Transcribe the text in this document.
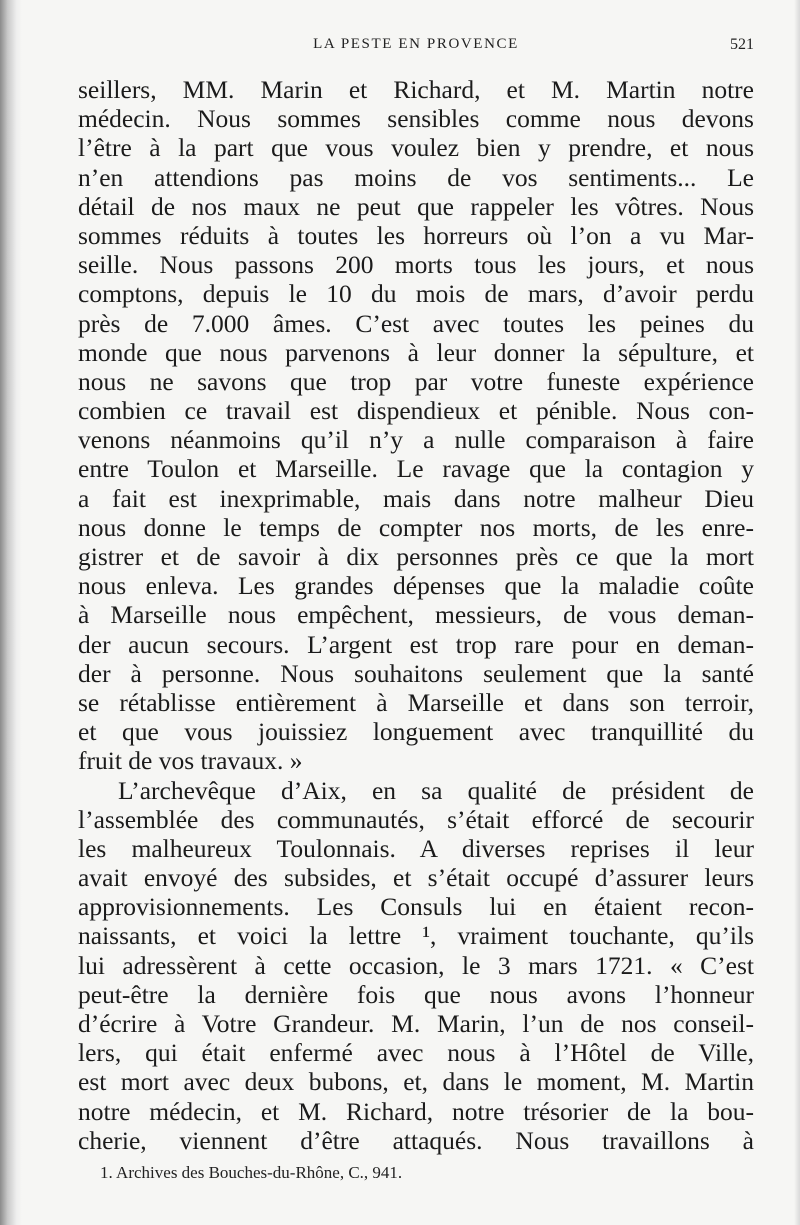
LA PESTE EN PROVENCE	521
seillers, MM. Marin et Richard, et M. Martin notre
médecin. Nous sommes sensibles comme nous devons
l’être à la part que vous voulez bien y prendre, et nous
n’en attendions pas moins de vos sentiments... Le
détail de nos maux ne peut que rappeler les vôtres. Nous
sommes réduits à toutes les horreurs où l’on a vu Mar-
seille. Nous passons 200 morts tous les jours, et nous
comptons, depuis le 10 du mois de mars, d’avoir perdu
près de 7.000 âmes. C’est avec toutes les peines du
monde que nous parvenons à leur donner la sépulture, et
nous ne savons que trop par votre funeste expérience
combien ce travail est dispendieux et pénible. Nous con-
venons néanmoins qu’il n’y a nulle comparaison à faire
entre Toulon et Marseille. Le ravage que la contagion y
a fait est inexprimable, mais dans notre malheur Dieu
nous donne le temps de compter nos morts, de les enre-
gistrer et de savoir à dix personnes près ce que la mort
nous enleva. Les grandes dépenses que la maladie coûte
à Marseille nous empêchent, messieurs, de vous deman-
der aucun secours. L’argent est trop rare pour en deman-
der à personne. Nous souhaitons seulement que la santé
se rétablisse entièrement à Marseille et dans son terroir,
et que vous jouissiez longuement avec tranquillité du
fruit de vos travaux. »
L’archevêque d’Aix, en sa qualité de président de
l’assemblée des communautés, s’était efforcé de secourir
les malheureux Toulonnais. A diverses reprises il leur
avait envoyé des subsides, et s’était occupé d’assurer leurs
approvisionnements. Les Consuls lui en étaient recon-
naissants, et voici la lettre ¹, vraiment touchante, qu’ils
lui adressèrent à cette occasion, le 3 mars 1721. « C’est
peut-être la dernière fois que nous avons l’honneur
d’écrire à Votre Grandeur. M. Marin, l’un de nos conseil-
lers, qui était enfermé avec nous à l’Hôtel de Ville,
est mort avec deux bubons, et, dans le moment, M. Martin
notre médecin, et M. Richard, notre trésorier de la bou-
cherie, viennent d’être attaqués. Nous travaillons à
1. Archives des Bouches-du-Rhône, C., 941.
